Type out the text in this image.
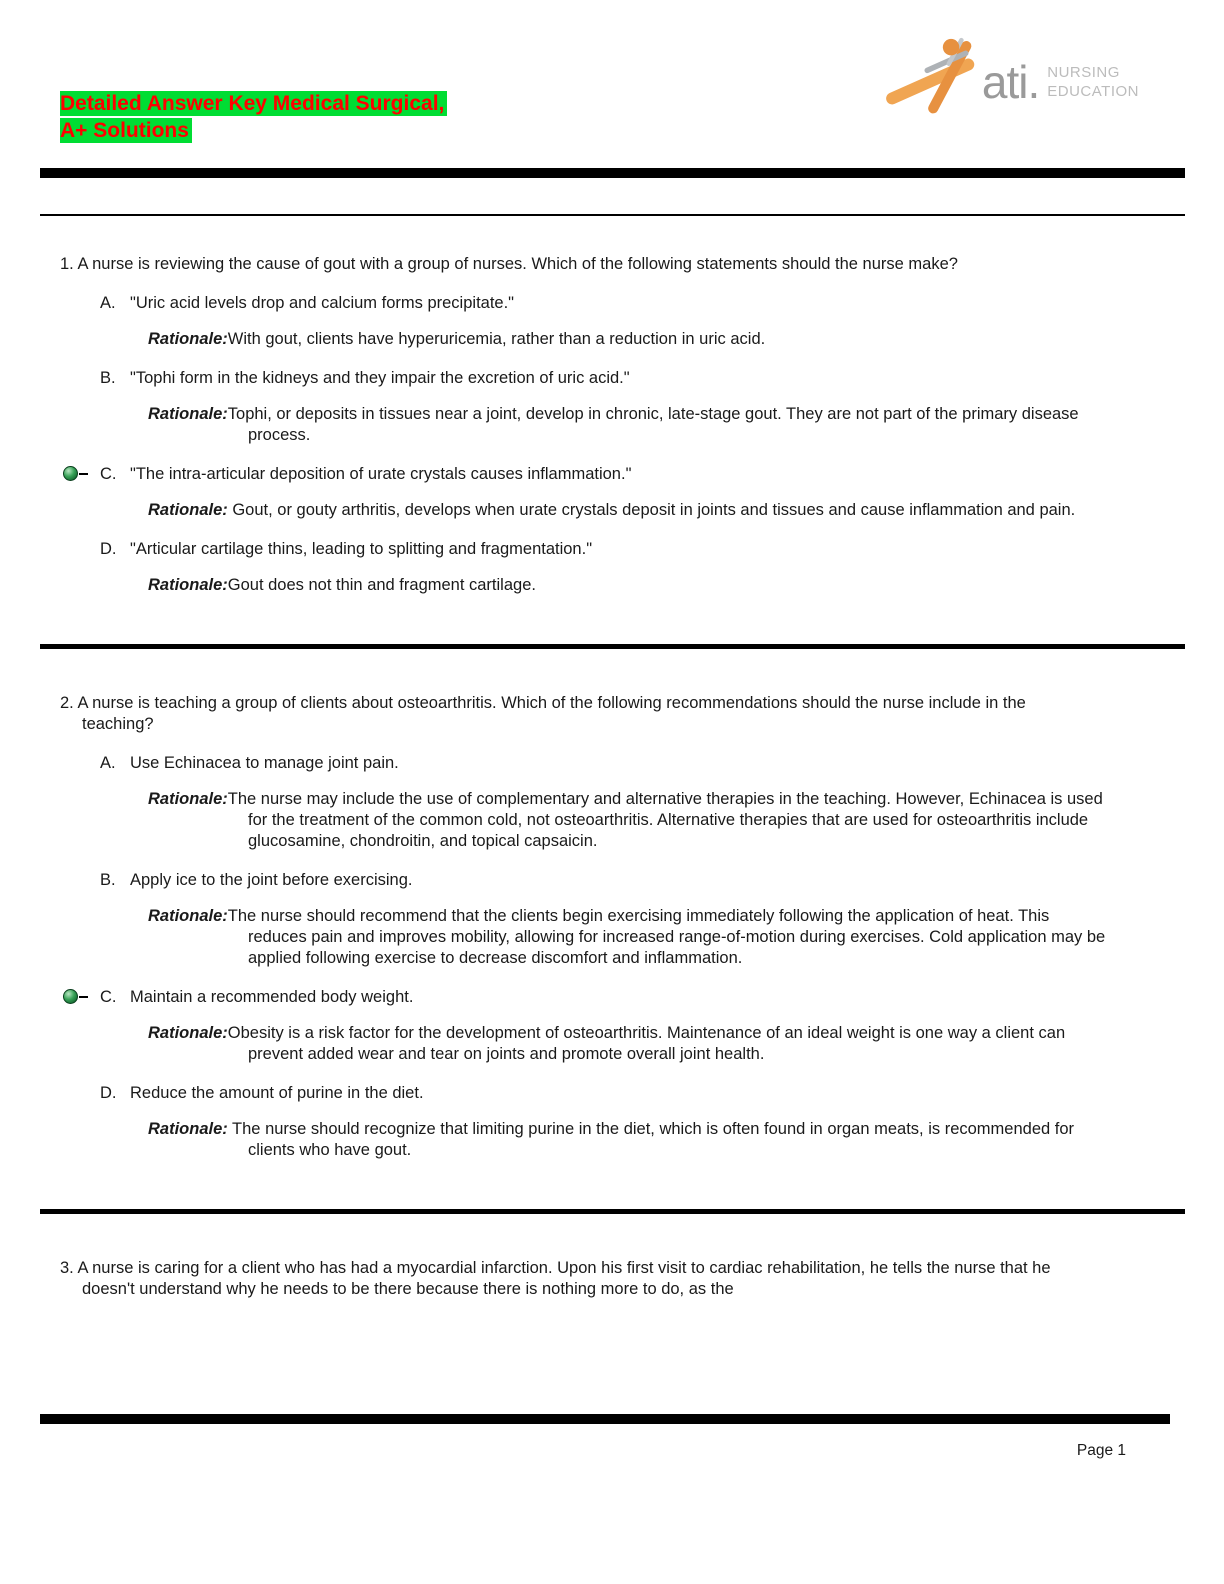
Detailed Answer Key Medical Surgical,
A+ Solutions
ati. NURSING
EDUCATION

1. A nurse is reviewing the cause of gout with a group of nurses. Which of the following statements should the nurse make?

A. "Uric acid levels drop and calcium forms precipitate."

Rationale:With gout, clients have hyperuricemia, rather than a reduction in uric acid.

B. "Tophi form in the kidneys and they impair the excretion of uric acid."

Rationale:Tophi, or deposits in tissues near a joint, develop in chronic, late-stage gout. They are not part of the primary disease process.

C. "The intra-articular deposition of urate crystals causes inflammation."

Rationale: Gout, or gouty arthritis, develops when urate crystals deposit in joints and tissues and cause inflammation and pain.

D. "Articular cartilage thins, leading to splitting and fragmentation."

Rationale:Gout does not thin and fragment cartilage.

2. A nurse is teaching a group of clients about osteoarthritis. Which of the following recommendations should the nurse include in the teaching?

A. Use Echinacea to manage joint pain.

Rationale:The nurse may include the use of complementary and alternative therapies in the teaching. However, Echinacea is used for the treatment of the common cold, not osteoarthritis. Alternative therapies that are used for osteoarthritis include glucosamine, chondroitin, and topical capsaicin.

B. Apply ice to the joint before exercising.

Rationale:The nurse should recommend that the clients begin exercising immediately following the application of heat. This reduces pain and improves mobility, allowing for increased range-of-motion during exercises. Cold application may be applied following exercise to decrease discomfort and inflammation.

C. Maintain a recommended body weight.

Rationale:Obesity is a risk factor for the development of osteoarthritis. Maintenance of an ideal weight is one way a client can prevent added wear and tear on joints and promote overall joint health.

D. Reduce the amount of purine in the diet.

Rationale: The nurse should recognize that limiting purine in the diet, which is often found in organ meats, is recommended for clients who have gout.

3. A nurse is caring for a client who has had a myocardial infarction. Upon his first visit to cardiac rehabilitation, he tells the nurse that he doesn't understand why he needs to be there because there is nothing more to do, as the

Page 1
